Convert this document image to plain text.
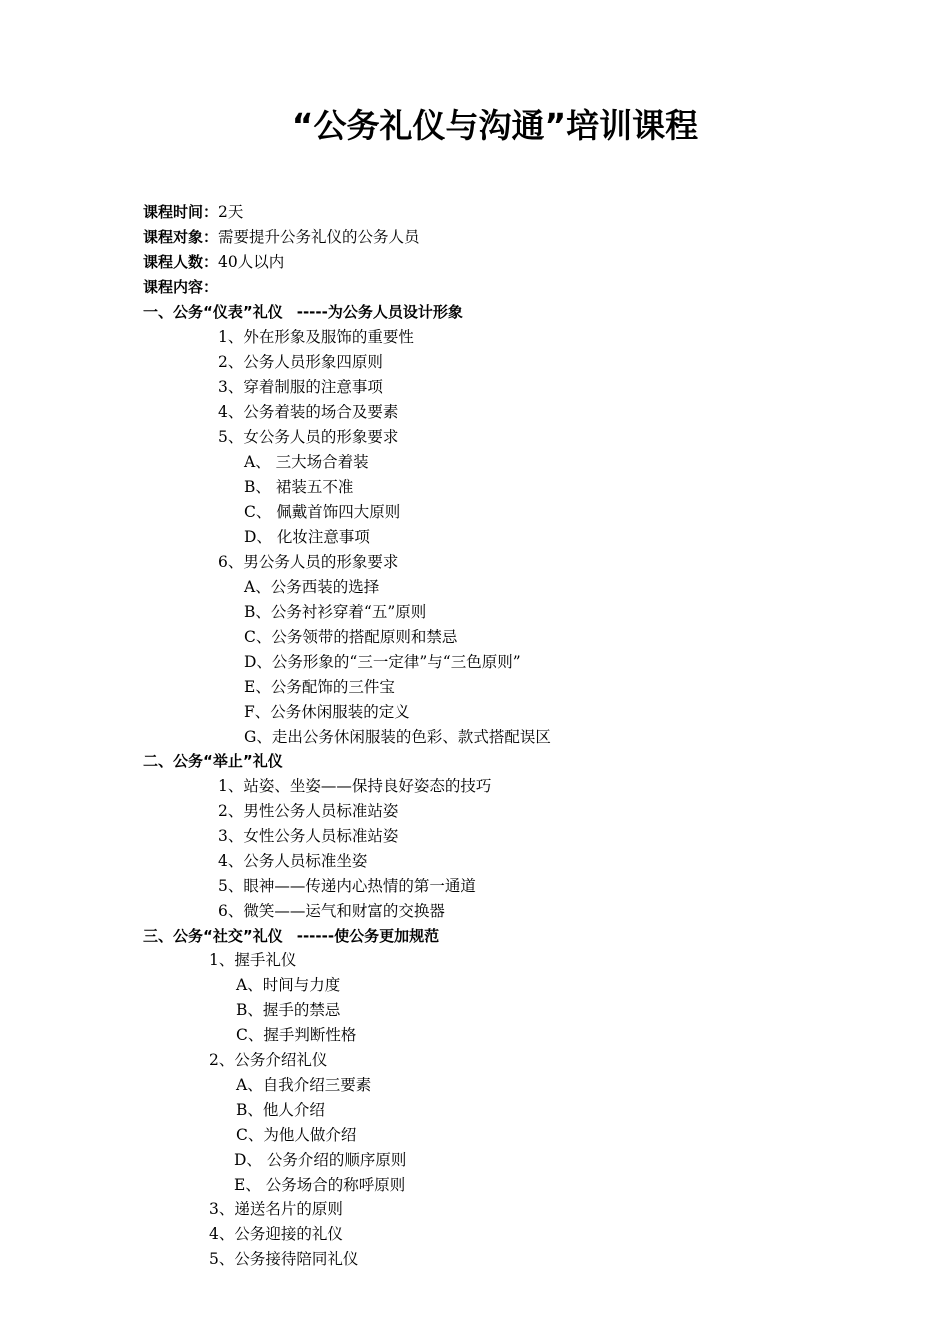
“公务礼仪与沟通”培训课程
课程时间：2天
课程对象：需要提升公务礼仪的公务人员
课程人数：40人以内
课程内容：
一、公务“仪表”礼仪 -----为公务人员设计形象
1、外在形象及服饰的重要性
2、公务人员形象四原则
3、穿着制服的注意事项
4、公务着装的场合及要素
5、女公务人员的形象要求
A、 三大场合着装
B、 裙装五不准
C、 佩戴首饰四大原则
D、 化妆注意事项
6、男公务人员的形象要求
A、公务西装的选择
B、公务衬衫穿着“五”原则
C、公务领带的搭配原则和禁忌
D、公务形象的“三一定律”与“三色原则”
E、公务配饰的三件宝
F、公务休闲服装的定义
G、走出公务休闲服装的色彩、款式搭配误区
二、公务“举止”礼仪
1、站姿、坐姿——保持良好姿态的技巧
2、男性公务人员标准站姿
3、女性公务人员标准站姿
4、公务人员标准坐姿
5、眼神——传递内心热情的第一通道
6、微笑——运气和财富的交换器
三、公务“社交”礼仪 ------使公务更加规范
1、握手礼仪
A、时间与力度
B、握手的禁忌
C、握手判断性格
2、公务介绍礼仪
A、自我介绍三要素
B、他人介绍
C、为他人做介绍
D、 公务介绍的顺序原则
E、 公务场合的称呼原则
3、递送名片的原则
4、公务迎接的礼仪
5、公务接待陪同礼仪
